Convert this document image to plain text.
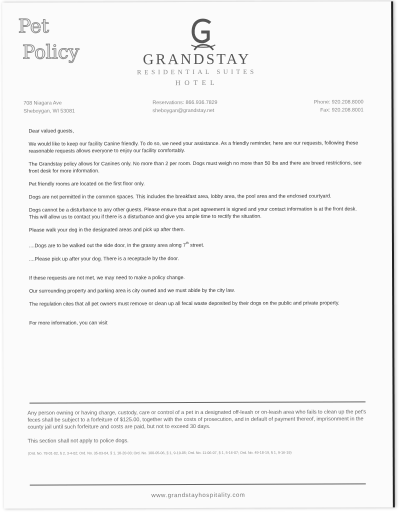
Pet
Policy	GRANDSTAY
RESIDENTIAL SUITES
HOTEL
708 Niagara Ave
Sheboygan, WI 53081
Reservations: 866.936.7829
sheboygan@grandstay.net
Phone: 920.208.8000
Fax: 920.208.8001

Dear valued guests,

We would like to keep our facility Canine friendly. To do so, we need your assistance. As a friendly reminder, here are our requests, following these reasonable requests allows everyone to enjoy our facility comfortably.

The Grandstay policy allows for Canines only. No more than 2 per room. Dogs must weigh no more than 50 lbs and there are breed restrictions, see front desk for more information.

Pet friendly rooms are located on the first floor only.

Dogs are not permitted in the common spaces. This includes the breakfast area, lobby area, the pool area and the enclosed courtyard.

Dogs cannot be a disturbance to any other guests. Please ensure that a pet agreement is signed and your contact information is at the front desk. This will allow us to contact you if there is a disturbance and give you ample time to rectify the situation.

Please walk your dog in the designated areas and pick up after them.

....Dogs are to be walked out the side door, in the grassy area along 7th street.

....Please pick up after your dog. There is a receptacle by the door.

If these requests are not met, we may need to make a policy change.

Our surrounding property and parking area is city owned and we must abide by the city law.

The regulation cites that all pet owners must remove or clean up all fecal waste deposited by their dogs on the public and private property.

For more information, you can visit

Any person owning or having charge, custody, care or control of a pet in a designated off-leash or on-leash area who fails to clean up the pet's feces shall be subject to a forfeiture of $125.00, together with the costs of prosecution, and in default of payment thereof, imprisonment in the county jail until such forfeiture and costs are paid, but not to exceed 30 days.

This section shall not apply to police dogs.

(Ord. No. 78-01-02, § 2, 3-4-02; Ord. No. 35-03-04, § 1, 10-20-03; Ord. No. 100-05-06, § 1, 9-19-05; Ord. No. 11-06-07, § 1, 5-16-07; Ord. No. 49-18-19, § 1, 9-16-19)

www.grandstayhospitality.com
